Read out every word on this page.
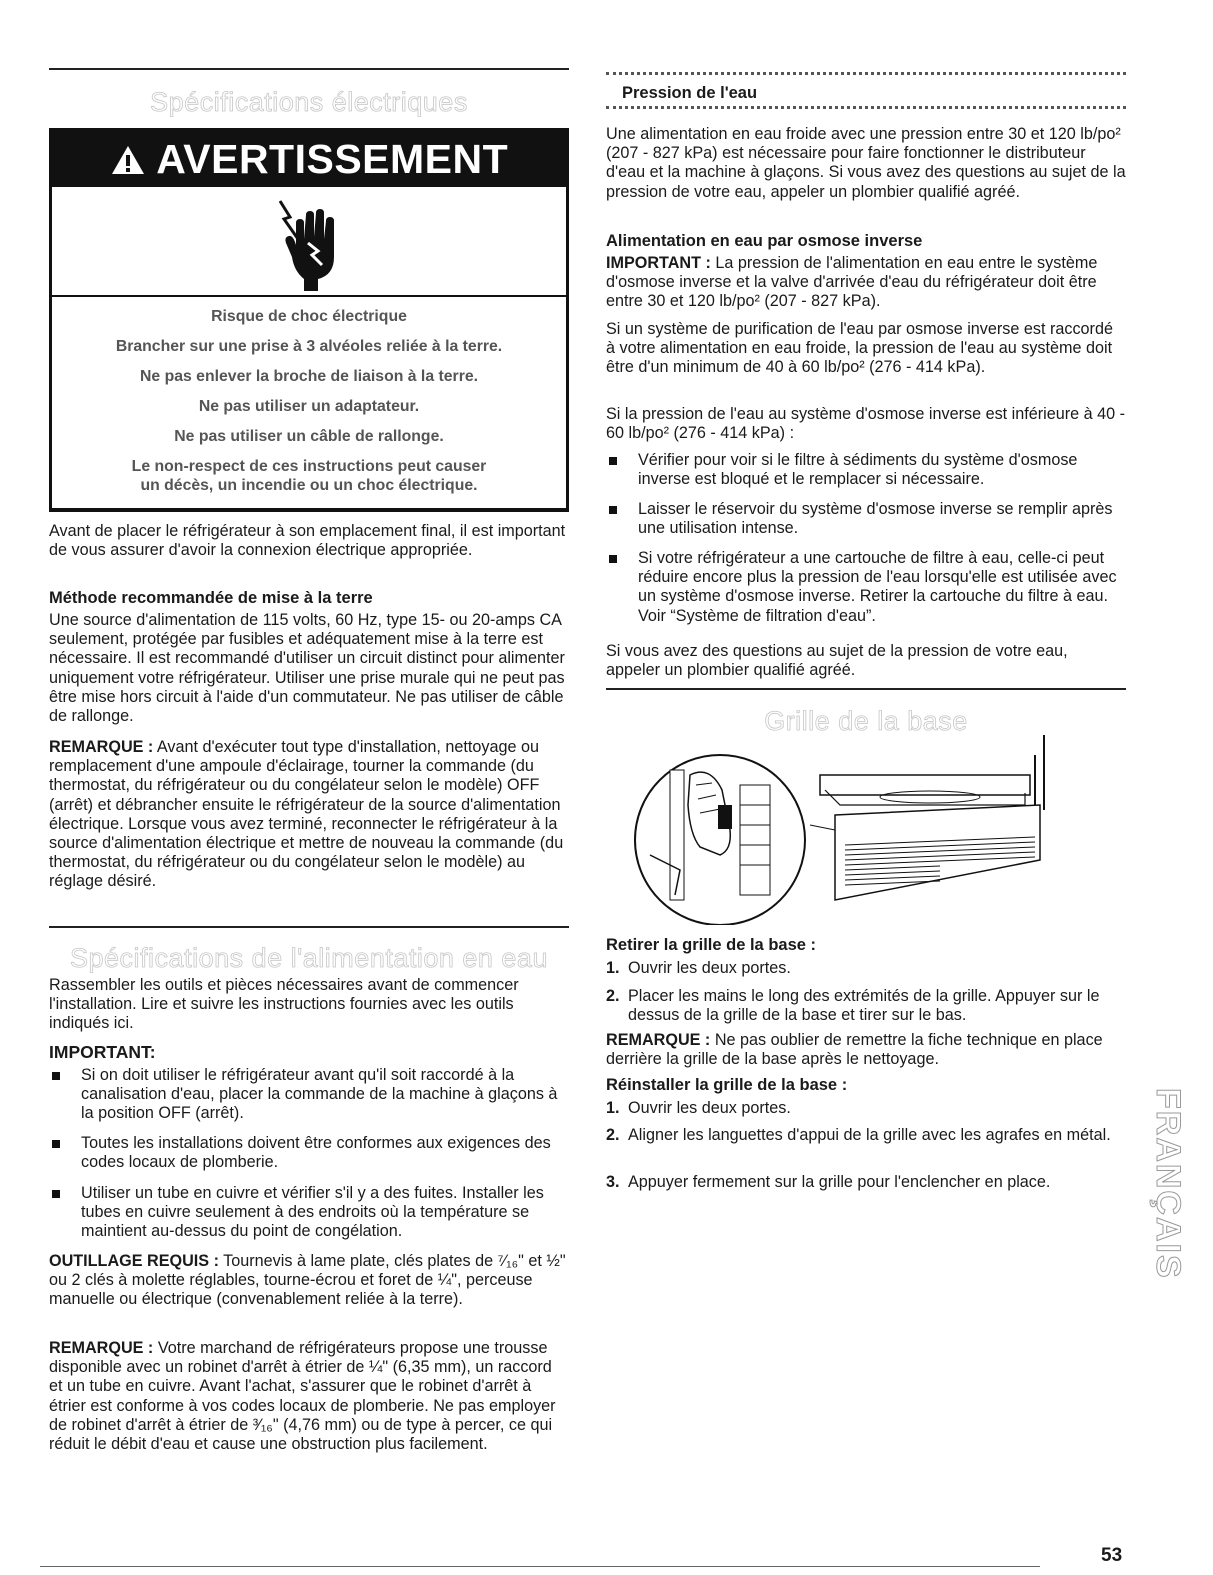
Spécifications électriques
AVERTISSEMENT
Risque de choc électrique
Brancher sur une prise à 3 alvéoles reliée à la terre.
Ne pas enlever la broche de liaison à la terre.
Ne pas utiliser un adaptateur.
Ne pas utiliser un câble de rallonge.
Le non-respect de ces instructions peut causer
un décès, un incendie ou un choc électrique.
Avant de placer le réfrigérateur à son emplacement final, il est important de vous assurer d'avoir la connexion électrique appropriée.
Méthode recommandée de mise à la terre
Une source d'alimentation de 115 volts, 60 Hz, type 15- ou 20-amps CA seulement, protégée par fusibles et adéquatement mise à la terre est nécessaire. Il est recommandé d'utiliser un circuit distinct pour alimenter uniquement votre réfrigérateur. Utiliser une prise murale qui ne peut pas être mise hors circuit à l'aide d'un commutateur. Ne pas utiliser de câble de rallonge.
REMARQUE : Avant d'exécuter tout type d'installation, nettoyage ou remplacement d'une ampoule d'éclairage, tourner la commande (du thermostat, du réfrigérateur ou du congélateur selon le modèle) OFF (arrêt) et débrancher ensuite le réfrigérateur de la source d'alimentation électrique. Lorsque vous avez terminé, reconnecter le réfrigérateur à la source d'alimentation électrique et mettre de nouveau la commande (du thermostat, du réfrigérateur ou du congélateur selon le modèle) au réglage désiré.
Spécifications de l'alimentation en eau
Rassembler les outils et pièces nécessaires avant de commencer l'installation. Lire et suivre les instructions fournies avec les outils indiqués ici.
IMPORTANT:
Si on doit utiliser le réfrigérateur avant qu'il soit raccordé à la canalisation d'eau, placer la commande de la machine à glaçons à la position OFF (arrêt).
Toutes les installations doivent être conformes aux exigences des codes locaux de plomberie.
Utiliser un tube en cuivre et vérifier s'il y a des fuites. Installer les tubes en cuivre seulement à des endroits où la température se maintient au-dessus du point de congélation.
OUTILLAGE REQUIS : Tournevis à lame plate, clés plates de ⁷⁄₁₆" et ½" ou 2 clés à molette réglables, tourne-écrou et foret de ¼", perceuse manuelle ou électrique (convenablement reliée à la terre).
REMARQUE : Votre marchand de réfrigérateurs propose une trousse disponible avec un robinet d'arrêt à étrier de ¼" (6,35 mm), un raccord et un tube en cuivre. Avant l'achat, s'assurer que le robinet d'arrêt à étrier est conforme à vos codes locaux de plomberie. Ne pas employer de robinet d'arrêt à étrier de ³⁄₁₆" (4,76 mm) ou de type à percer, ce qui réduit le débit d'eau et cause une obstruction plus facilement.
Pression de l'eau
Une alimentation en eau froide avec une pression entre 30 et 120 lb/po² (207 - 827 kPa) est nécessaire pour faire fonctionner le distributeur d'eau et la machine à glaçons. Si vous avez des questions au sujet de la pression de votre eau, appeler un plombier qualifié agréé.
Alimentation en eau par osmose inverse
IMPORTANT : La pression de l'alimentation en eau entre le système d'osmose inverse et la valve d'arrivée d'eau du réfrigérateur doit être entre 30 et 120 lb/po² (207 - 827 kPa).
Si un système de purification de l'eau par osmose inverse est raccordé à votre alimentation en eau froide, la pression de l'eau au système doit être d'un minimum de 40 à 60 lb/po² (276 - 414 kPa).
Si la pression de l'eau au système d'osmose inverse est inférieure à 40 - 60 lb/po² (276 - 414 kPa) :
Vérifier pour voir si le filtre à sédiments du système d'osmose inverse est bloqué et le remplacer si nécessaire.
Laisser le réservoir du système d'osmose inverse se remplir après une utilisation intense.
Si votre réfrigérateur a une cartouche de filtre à eau, celle-ci peut réduire encore plus la pression de l'eau lorsqu'elle est utilisée avec un système d'osmose inverse. Retirer la cartouche du filtre à eau. Voir “Système de filtration d'eau”.
Si vous avez des questions au sujet de la pression de votre eau, appeler un plombier qualifié agréé.
Grille de la base
Retirer la grille de la base :
1. Ouvrir les deux portes.
2. Placer les mains le long des extrémités de la grille. Appuyer sur le dessus de la grille de la base et tirer sur le bas.
REMARQUE : Ne pas oublier de remettre la fiche technique en place derrière la grille de la base après le nettoyage.
Réinstaller la grille de la base :
1. Ouvrir les deux portes.
2. Aligner les languettes d'appui de la grille avec les agrafes en métal.
3. Appuyer fermement sur la grille pour l'enclencher en place.	FRANÇAIS
53
